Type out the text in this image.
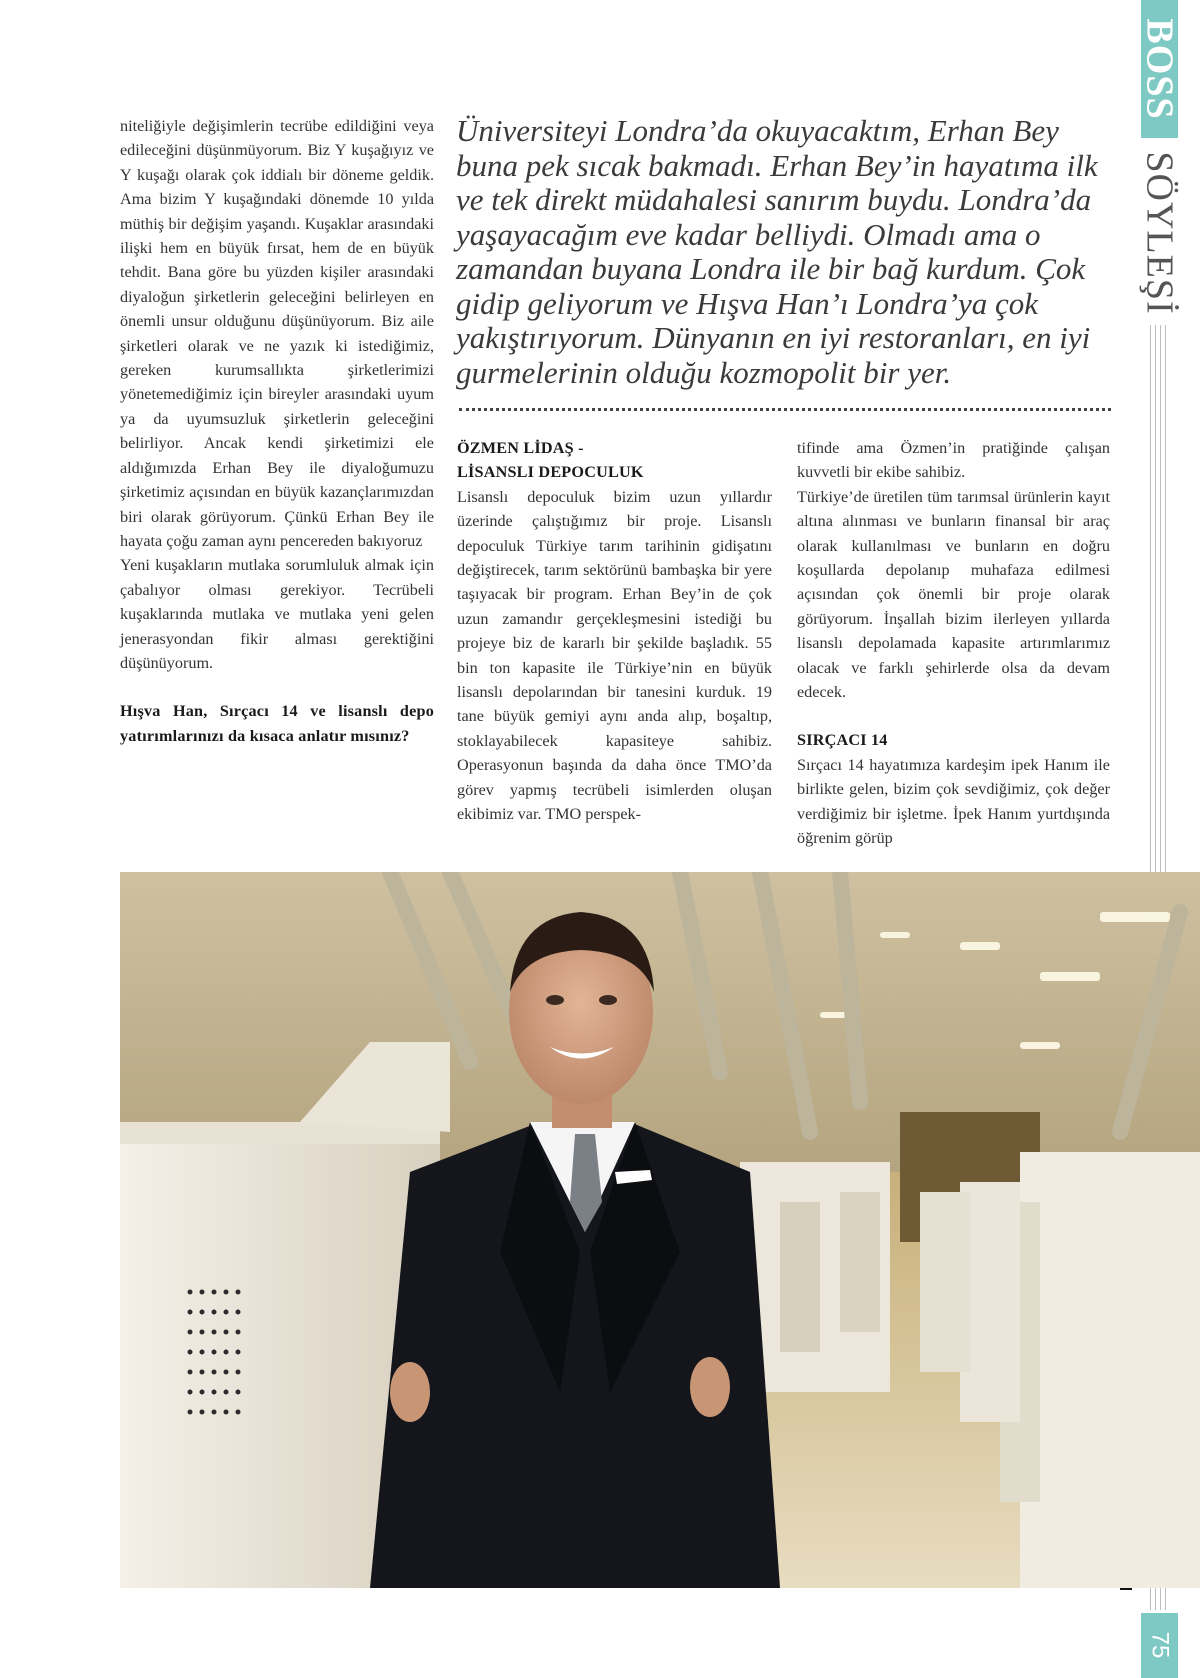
BOSS
SÖYLEŞİ
75

Üniversiteyi Londra’da okuyacaktım, Erhan Bey buna pek sıcak bakmadı. Erhan Bey’in hayatıma ilk ve tek direkt müdahalesi sanırım buydu. Londra’da yaşayacağım eve kadar belliydi. Olmadı ama o zamandan buyana Londra ile bir bağ kurdum. Çok gidip geliyorum ve Hışva Han’ı Londra’ya çok yakıştırıyorum. Dünyanın en iyi restoranları, en iyi gurmelerinin olduğu kozmopolit bir yer.

niteliğiyle değişimlerin tecrübe edildiğini veya edileceğini düşünmüyorum. Biz Y kuşağıyız ve Y kuşağı olarak çok iddialı bir döneme geldik. Ama bizim Y kuşağındaki dönemde 10 yılda müthiş bir değişim yaşandı. Kuşaklar arasındaki ilişki hem en büyük fırsat, hem de en büyük tehdit. Bana göre bu yüzden kişiler arasındaki diyaloğun şirketlerin geleceğini belirleyen en önemli unsur olduğunu düşünüyorum. Biz aile şirketleri olarak ve ne yazık ki istediğimiz, gereken kurumsallıkta şirketlerimizi yönetemediğimiz için bireyler arasındaki uyum ya da uyumsuzluk şirketlerin geleceğini belirliyor. Ancak kendi şirketimizi ele aldığımızda Erhan Bey ile diyaloğumuzu şirketimiz açısından en büyük kazançlarımızdan biri olarak görüyorum. Çünkü Erhan Bey ile hayata çoğu zaman aynı pencereden bakıyoruz

Yeni kuşakların mutlaka sorumluluk almak için çabalıyor olması gerekiyor. Tecrübeli kuşaklarında mutlaka ve mutlaka yeni gelen jenerasyondan fikir alması gerektiğini düşünüyorum.

Hışva Han, Sırçacı 14 ve lisanslı depo yatırımlarınızı da kısaca anlatır mısınız?

ÖZMEN LİDAŞ -

LİSANSLI DEPOCULUK

Lisanslı depoculuk bizim uzun yıllardır üzerinde çalıştığımız bir proje. Lisanslı depoculuk Türkiye tarım tarihinin gidişatını değiştirecek, tarım sektörünü bambaşka bir yere taşıyacak bir program. Erhan Bey’in de çok uzun zamandır gerçekleşmesini istediği bu projeye biz de kararlı bir şekilde başladık. 55 bin ton kapasite ile Türkiye’nin en büyük lisanslı depolarından bir tanesini kurduk. 19 tane büyük gemiyi aynı anda alıp, boşaltıp, stoklayabilecek kapasiteye sahibiz. Operasyonun başında da daha önce TMO’da görev yapmış tecrübeli isimlerden oluşan ekibimiz var. TMO perspek-

tifinde ama Özmen’in pratiğinde çalışan kuvvetli bir ekibe sahibiz.

Türkiye’de üretilen tüm tarımsal ürünlerin kayıt altına alınması ve bunların finansal bir araç olarak kullanılması ve bunların en doğru koşullarda depolanıp muhafaza edilmesi açısından çok önemli bir proje olarak görüyorum. İnşallah bizim ilerleyen yıllarda lisanslı depolamada kapasite artırımlarımız olacak ve farklı şehirlerde olsa da devam edecek.

SIRÇACI 14

Sırçacı 14 hayatımıza kardeşim ipek Hanım ile birlikte gelen, bizim çok sevdiğimiz, çok değer verdiğimiz bir işletme. İpek Hanım yurtdışında öğrenim görüp
